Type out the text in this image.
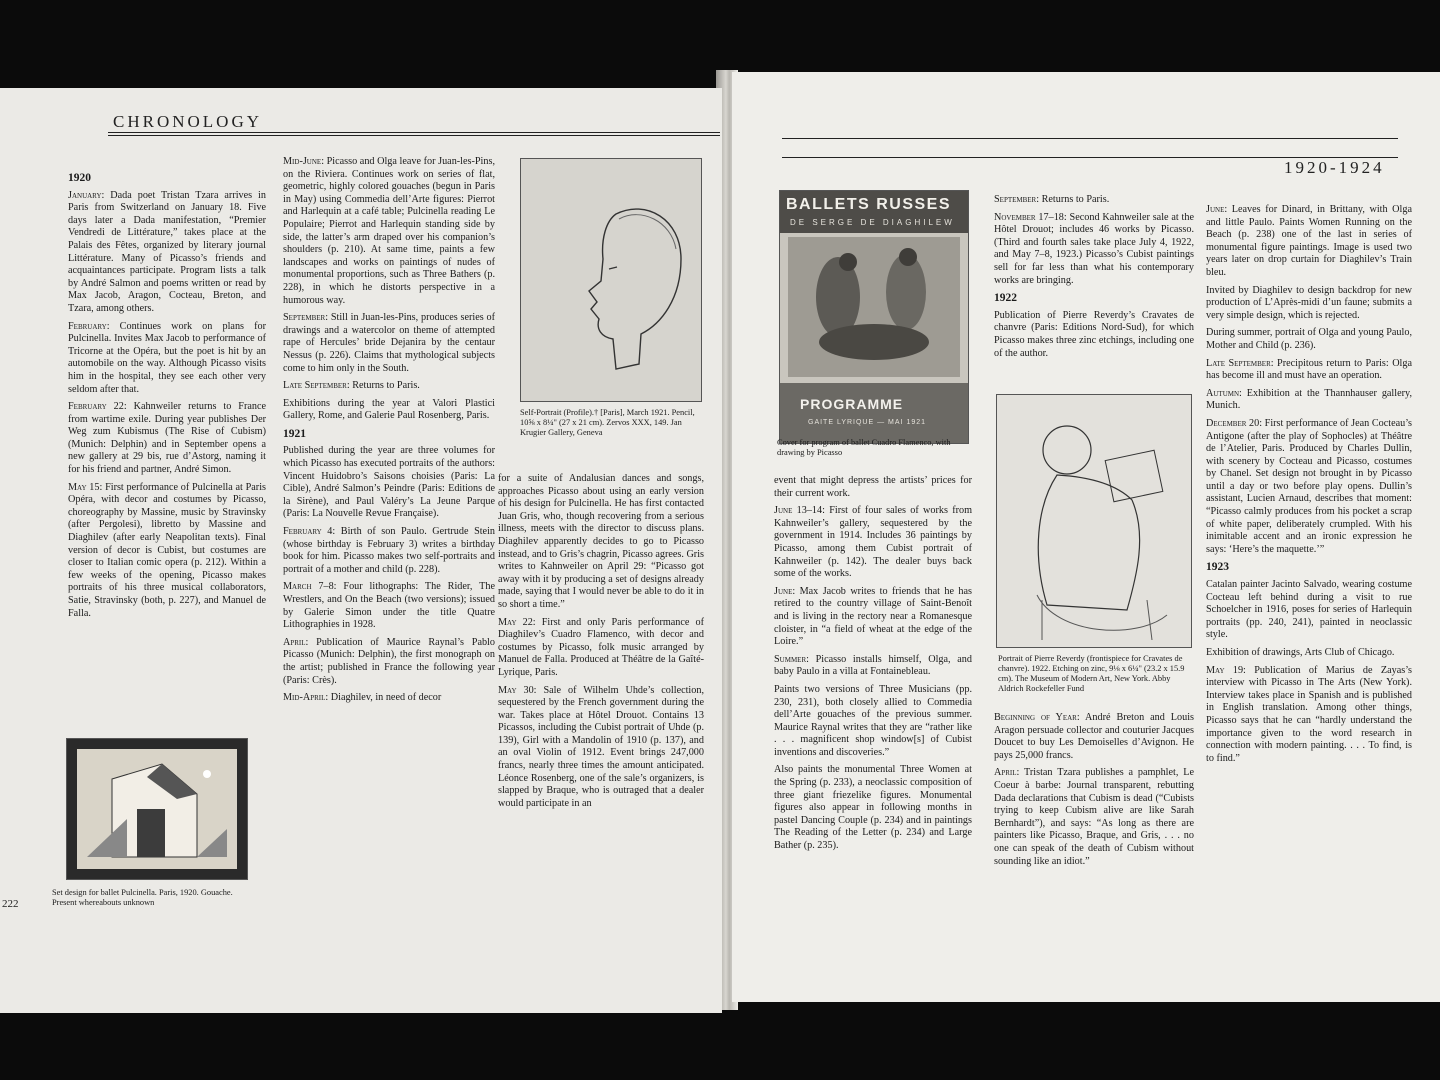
CHRONOLOGY

1920

January: Dada poet Tristan Tzara arrives in Paris from Switzerland on January 18. Five days later a Dada manifestation, “Premier Vendredi de Littérature,” takes place at the Palais des Fêtes, organized by literary journal Littérature. Many of Picasso’s friends and acquaintances participate. Program lists a talk by André Salmon and poems written or read by Max Jacob, Aragon, Cocteau, Breton, and Tzara, among others.

February: Continues work on plans for Pulcinella. Invites Max Jacob to performance of Tricorne at the Opéra, but the poet is hit by an automobile on the way. Although Picasso visits him in the hospital, they see each other very seldom after that.

February 22: Kahnweiler returns to France from wartime exile. During year publishes Der Weg zum Kubismus (The Rise of Cubism) (Munich: Delphin) and in September opens a new gallery at 29 bis, rue d’Astorg, naming it for his friend and partner, André Simon.

May 15: First performance of Pulcinella at Paris Opéra, with decor and costumes by Picasso, choreography by Massine, music by Stravinsky (after Pergolesi), libretto by Massine and Diaghilev (after early Neapolitan texts). Final version of decor is Cubist, but costumes are closer to Italian comic opera (p. 212). Within a few weeks of the opening, Picasso makes portraits of his three musical collaborators, Satie, Stravinsky (both, p. 227), and Manuel de Falla.

Set design for ballet Pulcinella. Paris, 1920. Gouache. Present whereabouts unknown
222

Mid-June: Picasso and Olga leave for Juan-les-Pins, on the Riviera. Continues work on series of flat, geometric, highly colored gouaches (begun in Paris in May) using Commedia dell’Arte figures: Pierrot and Harlequin at a café table; Pulcinella reading Le Populaire; Pierrot and Harlequin standing side by side, the latter’s arm draped over his companion’s shoulders (p. 210). At same time, paints a few landscapes and works on paintings of nudes of monumental proportions, such as Three Bathers (p. 228), in which he distorts perspective in a humorous way.

September: Still in Juan-les-Pins, produces series of drawings and a watercolor on theme of attempted rape of Hercules’ bride Dejanira by the centaur Nessus (p. 226). Claims that mythological subjects come to him only in the South.

Late September: Returns to Paris.

Exhibitions during the year at Valori Plastici Gallery, Rome, and Galerie Paul Rosenberg, Paris.

1921

Published during the year are three volumes for which Picasso has executed portraits of the authors: Vincent Huidobro’s Saisons choisies (Paris: La Cible), André Salmon’s Peindre (Paris: Editions de la Sirène), and Paul Valéry’s La Jeune Parque (Paris: La Nouvelle Revue Française).

February 4: Birth of son Paulo. Gertrude Stein (whose birthday is February 3) writes a birthday book for him. Picasso makes two self-portraits and portrait of a mother and child (p. 228).

March 7–8: Four lithographs: The Rider, The Wrestlers, and On the Beach (two versions); issued by Galerie Simon under the title Quatre Lithographies in 1928.

April: Publication of Maurice Raynal’s Pablo Picasso (Munich: Delphin), the first monograph on the artist; published in France the following year (Paris: Crès).

Mid-April: Diaghilev, in need of decor

Self-Portrait (Profile).† [Paris], March 1921. Pencil, 10⅝ x 8¼" (27 x 21 cm). Zervos XXX, 149. Jan Krugier Gallery, Geneva

for a suite of Andalusian dances and songs, approaches Picasso about using an early version of his design for Pulcinella. He has first contacted Juan Gris, who, though recovering from a serious illness, meets with the director to discuss plans. Diaghilev apparently decides to go to Picasso instead, and to Gris’s chagrin, Picasso agrees. Gris writes to Kahnweiler on April 29: “Picasso got away with it by producing a set of designs already made, saying that I would never be able to do it in so short a time.”

May 22: First and only Paris performance of Diaghilev’s Cuadro Flamenco, with decor and costumes by Picasso, folk music arranged by Manuel de Falla. Produced at Théâtre de la Gaîté-Lyrique, Paris.

May 30: Sale of Wilhelm Uhde’s collection, sequestered by the French government during the war. Takes place at Hôtel Drouot. Contains 13 Picassos, including the Cubist portrait of Uhde (p. 139), Girl with a Mandolin of 1910 (p. 137), and an oval Violin of 1912. Event brings 247,000 francs, nearly three times the amount anticipated. Léonce Rosenberg, one of the sale’s organizers, is slapped by Braque, who is outraged that a dealer would participate in an

1920-1924
BALLETS RUSSES
DE SERGE DE DIAGHILEW
PROGRAMME
GAITE LYRIQUE — MAI 1921
Cover for program of ballet Cuadro Flamenco, with drawing by Picasso

event that might depress the artists’ prices for their current work.

June 13–14: First of four sales of works from Kahnweiler’s gallery, sequestered by the government in 1914. Includes 36 paintings by Picasso, among them Cubist portrait of Kahnweiler (p. 142). The dealer buys back some of the works.

June: Max Jacob writes to friends that he has retired to the country village of Saint-Benoît and is living in the rectory near a Romanesque cloister, in “a field of wheat at the edge of the Loire.”

Summer: Picasso installs himself, Olga, and baby Paulo in a villa at Fontainebleau.

Paints two versions of Three Musicians (pp. 230, 231), both closely allied to Commedia dell’Arte gouaches of the previous summer. Maurice Raynal writes that they are “rather like . . . magnificent shop window[s] of Cubist inventions and discoveries.”

Also paints the monumental Three Women at the Spring (p. 233), a neoclassic composition of three giant friezelike figures. Monumental figures also appear in following months in pastel Dancing Couple (p. 234) and in paintings The Reading of the Letter (p. 234) and Large Bather (p. 235).

September: Returns to Paris.

November 17–18: Second Kahnweiler sale at the Hôtel Drouot; includes 46 works by Picasso. (Third and fourth sales take place July 4, 1922, and May 7–8, 1923.) Picasso’s Cubist paintings sell for far less than what his contemporary works are bringing.

1922

Publication of Pierre Reverdy’s Cravates de chanvre (Paris: Editions Nord-Sud), for which Picasso makes three zinc etchings, including one of the author.

Portrait of Pierre Reverdy (frontispiece for Cravates de chanvre). 1922. Etching on zinc, 9⅛ x 6¼" (23.2 x 15.9 cm). The Museum of Modern Art, New York. Abby Aldrich Rockefeller Fund

Beginning of Year: André Breton and Louis Aragon persuade collector and couturier Jacques Doucet to buy Les Demoiselles d’Avignon. He pays 25,000 francs.

April: Tristan Tzara publishes a pamphlet, Le Coeur à barbe: Journal transparent, rebutting Dada declarations that Cubism is dead (“Cubists trying to keep Cubism alive are like Sarah Bernhardt”), and says: “As long as there are painters like Picasso, Braque, and Gris, . . . no one can speak of the death of Cubism without sounding like an idiot.”

June: Leaves for Dinard, in Brittany, with Olga and little Paulo. Paints Women Running on the Beach (p. 238) one of the last in series of monumental figure paintings. Image is used two years later on drop curtain for Diaghilev’s Train bleu.

Invited by Diaghilev to design backdrop for new production of L’Après-midi d’un faune; submits a very simple design, which is rejected.

During summer, portrait of Olga and young Paulo, Mother and Child (p. 236).

Late September: Precipitous return to Paris: Olga has become ill and must have an operation.

Autumn: Exhibition at the Thannhauser gallery, Munich.

December 20: First performance of Jean Cocteau’s Antigone (after the play of Sophocles) at Théâtre de l’Atelier, Paris. Produced by Charles Dullin, with scenery by Cocteau and Picasso, costumes by Chanel. Set design not brought in by Picasso until a day or two before play opens. Dullin’s assistant, Lucien Arnaud, describes that moment: “Picasso calmly produces from his pocket a scrap of white paper, deliberately crumpled. With his inimitable accent and an ironic expression he says: ‘Here’s the maquette.’”

1923

Catalan painter Jacinto Salvado, wearing costume Cocteau left behind during a visit to rue Schoelcher in 1916, poses for series of Harlequin portraits (pp. 240, 241), painted in neoclassic style.

Exhibition of drawings, Arts Club of Chicago.

May 19: Publication of Marius de Zayas’s interview with Picasso in The Arts (New York). Interview takes place in Spanish and is published in English translation. Among other things, Picasso says that he can “hardly understand the importance given to the word research in connection with modern painting. . . . To find, is to find.”
